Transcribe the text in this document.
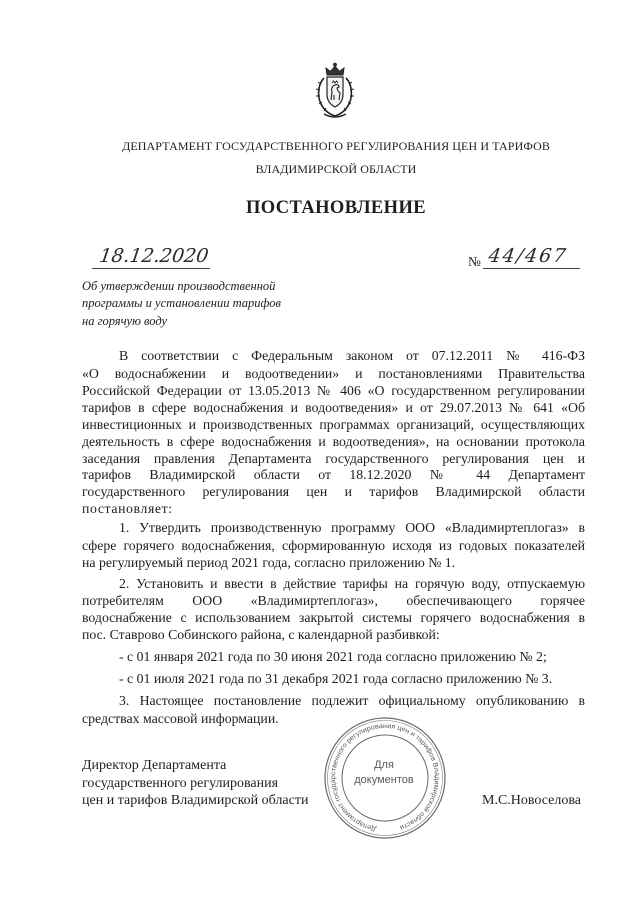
ДЕПАРТАМЕНТ ГОСУДАРСТВЕННОГО РЕГУЛИРОВАНИЯ ЦЕН И ТАРИФОВ
ВЛАДИМИРСКОЙ ОБЛАСТИ
ПОСТАНОВЛЕНИЕ
18.12.2020	№ 44/467
Об утверждении производственной
программы и установлении тарифов
на горячую воду
В соответствии с Федеральным законом от 07.12.2011 № 416-ФЗ
«О водоснабжении и водоотведении» и постановлениями Правительства
Российской Федерации от 13.05.2013 № 406 «О государственном регулировании
тарифов в сфере водоснабжения и водоотведения» и от 29.07.2013 № 641 «Об
инвестиционных и производственных программах организаций, осуществляющих
деятельность в сфере водоснабжения и водоотведения», на основании протокола
заседания правления Департамента государственного регулирования цен и
тарифов Владимирской области от 18.12.2020 № 44 Департамент
государственного регулирования цен и тарифов Владимирской области
постановляет:
1. Утвердить производственную программу ООО «Владимиртеплогаз» в
сфере горячего водоснабжения, сформированную исходя из годовых показателей
на регулируемый период 2021 года, согласно приложению № 1.
2. Установить и ввести в действие тарифы на горячую воду, отпускаемую
потребителям ООО «Владимиртеплогаз», обеспечивающего горячее
водоснабжение с использованием закрытой системы горячего водоснабжения в
пос. Ставрово Собинского района, с календарной разбивкой:
- с 01 января 2021 года по 30 июня 2021 года согласно приложению № 2;
- с 01 июля 2021 года по 31 декабря 2021 года согласно приложению № 3.
3. Настоящее постановление подлежит официальному опубликованию в
средствах массовой информации.
Директор Департамента
государственного регулирования
цен и тарифов Владимирской области	М.С.Новоселова
Департамент государственного регулирования цен и тарифов Владимирской области
Для
документов
